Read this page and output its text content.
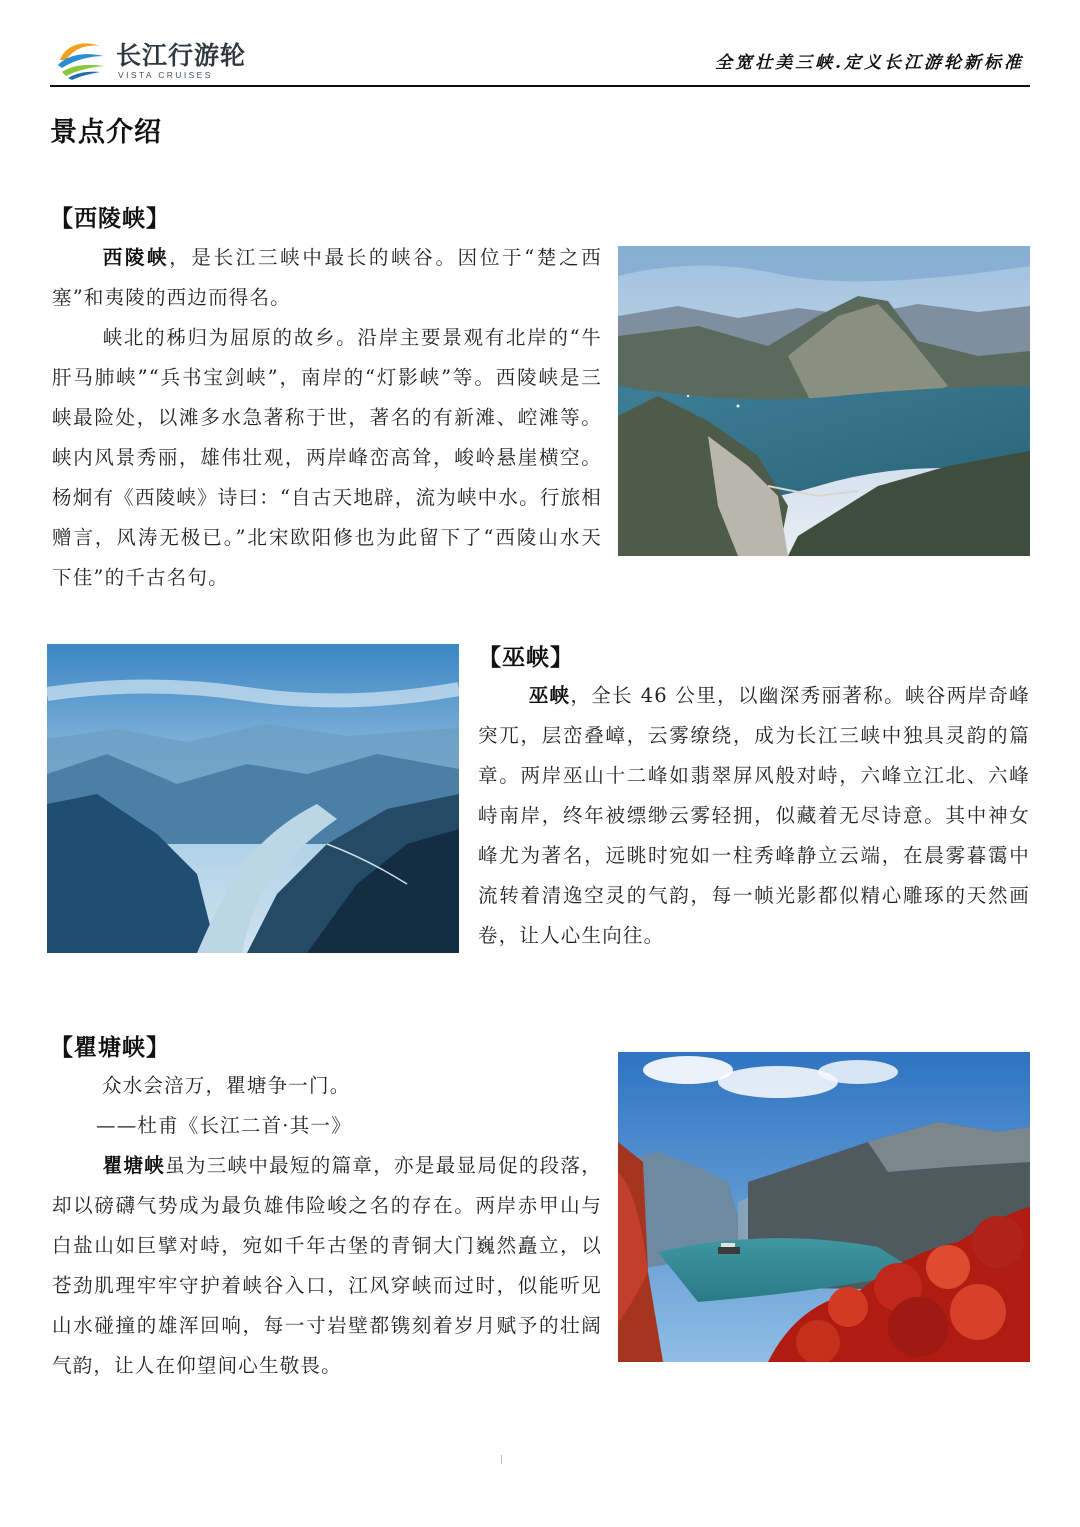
长江行游轮
VISTA CRUISES
全宽壮美三峡.定义长江游轮新标准
景点介绍
【西陵峡】

西陵峡，是长江三峡中最长的峡谷。因位于“楚之西塞”和夷陵的西边而得名。

峡北的秭归为屈原的故乡。沿岸主要景观有北岸的“牛肝马肺峡”“兵书宝剑峡”，南岸的“灯影峡”等。西陵峡是三峡最险处，以滩多水急著称于世，著名的有新滩、崆滩等。峡内风景秀丽，雄伟壮观，两岸峰峦高耸，峻岭悬崖横空。杨炯有《西陵峡》诗曰：“自古天地辟，流为峡中水。行旅相赠言，风涛无极已。”北宋欧阳修也为此留下了“西陵山水天下佳”的千古名句。

【巫峡】

巫峡，全长 46 公里，以幽深秀丽著称。峡谷两岸奇峰突兀，层峦叠嶂，云雾缭绕，成为长江三峡中独具灵韵的篇章。两岸巫山十二峰如翡翠屏风般对峙，六峰立江北、六峰峙南岸，终年被缥缈云雾轻拥，似藏着无尽诗意。其中神女峰尤为著名，远眺时宛如一柱秀峰静立云端，在晨雾暮霭中流转着清逸空灵的气韵，每一帧光影都似精心雕琢的天然画卷，让人心生向往。

【瞿塘峡】
众水会涪万，瞿塘争一门。
——杜甫《长江二首·其一》

瞿塘峡虽为三峡中最短的篇章，亦是最显局促的段落，却以磅礴气势成为最负雄伟险峻之名的存在。两岸赤甲山与白盐山如巨擘对峙，宛如千年古堡的青铜大门巍然矗立，以苍劲肌理牢牢守护着峡谷入口，江风穿峡而过时，似能听见山水碰撞的雄浑回响，每一寸岩壁都镌刻着岁月赋予的壮阔气韵，让人在仰望间心生敬畏。
